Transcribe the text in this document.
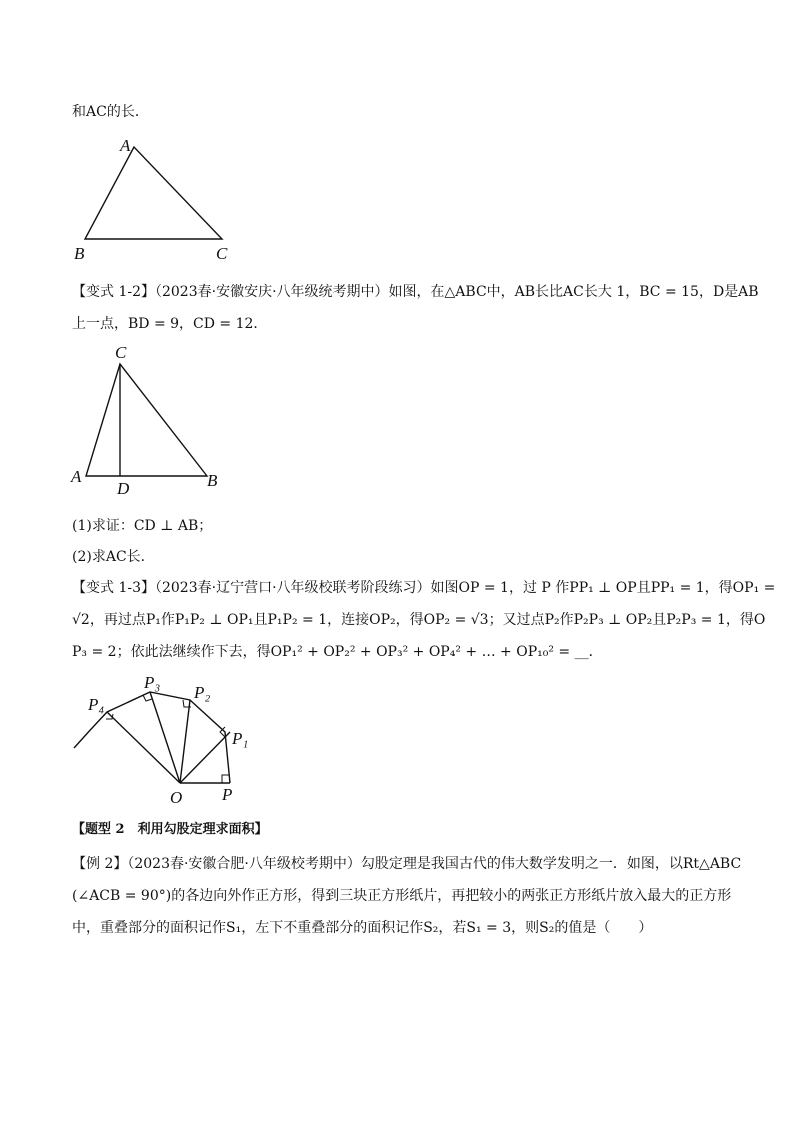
和AC的长．
A
B	C
【变式 1-2】（2023春·安徽安庆·八年级统考期中）如图，在△ABC中，AB长比AC长大 1，BC = 15，D是AB
上一点，BD = 9，CD = 12．
C
A
D	B
(1)求证：CD ⊥ AB；
(2)求AC长．
【变式 1-3】（2023春·辽宁营口·八年级校联考阶段练习）如图OP = 1，过 P 作PP₁ ⊥ OP且PP₁ = 1，得OP₁ =
√2，再过点P₁作P₁P₂ ⊥ OP₁且P₁P₂ = 1，连接OP₂，得OP₂ = √3；又过点P₂作P₂P₃ ⊥ OP₂且P₂P₃ = 1，得O
P₃ = 2；依此法继续作下去，得OP₁² + OP₂² + OP₃² + OP₄² + … + OP₁₀² = __．
P₄
P₃
P₂
P₁
O P
【题型 2　利用勾股定理求面积】
【例 2】（2023春·安徽合肥·八年级校考期中）勾股定理是我国古代的伟大数学发明之一．如图，以Rt△ABC
(∠ACB = 90°)的各边向外作正方形，得到三块正方形纸片，再把较小的两张正方形纸片放入最大的正方形
中，重叠部分的面积记作S₁，左下不重叠部分的面积记作S₂，若S₁ = 3，则S₂的值是（　　）
